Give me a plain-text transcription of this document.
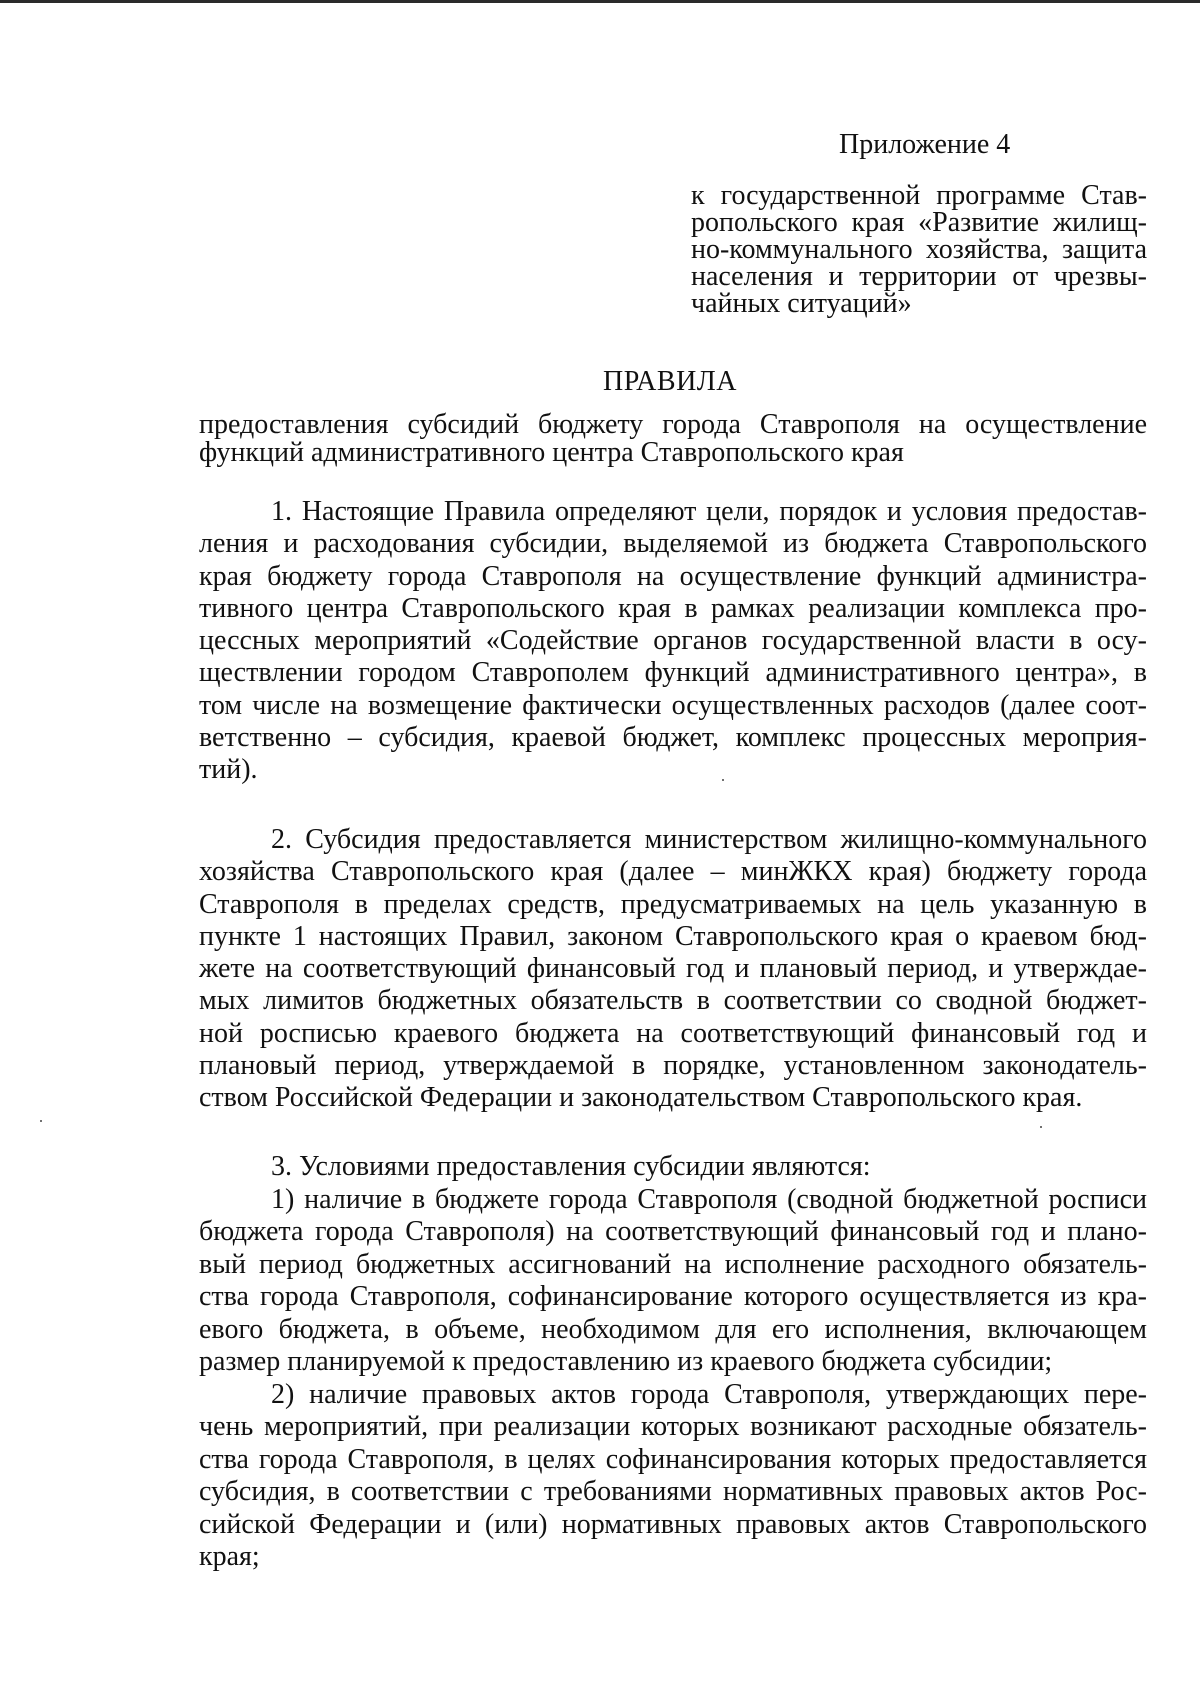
Приложение 4
к государственной программе Став-
ропольского края «Развитие жилищ-
но-коммунального хозяйства, защита
населения и территории от чрезвы-
чайных ситуаций»
ПРАВИЛА
предоставления субсидий бюджету города Ставрополя на осуществление
функций административного центра Ставропольского края
1. Настоящие Правила определяют цели, порядок и условия предостав-
ления и расходования субсидии, выделяемой из бюджета Ставропольского
края бюджету города Ставрополя на осуществление функций администра-
тивного центра Ставропольского края в рамках реализации комплекса про-
цессных мероприятий «Содействие органов государственной власти в осу-
ществлении городом Ставрополем функций административного центра», в
том числе на возмещение фактически осуществленных расходов (далее соот-
ветственно – субсидия, краевой бюджет, комплекс процессных мероприя-
тий).
2. Субсидия предоставляется министерством жилищно-коммунального
хозяйства Ставропольского края (далее – минЖКХ края) бюджету города
Ставрополя в пределах средств, предусматриваемых на цель указанную в
пункте 1 настоящих Правил, законом Ставропольского края о краевом бюд-
жете на соответствующий финансовый год и плановый период, и утверждае-
мых лимитов бюджетных обязательств в соответствии со сводной бюджет-
ной росписью краевого бюджета на соответствующий финансовый год и
плановый период, утверждаемой в порядке, установленном законодатель-
ством Российской Федерации и законодательством Ставропольского края.
3. Условиями предоставления субсидии являются:
1) наличие в бюджете города Ставрополя (сводной бюджетной росписи
бюджета города Ставрополя) на соответствующий финансовый год и плано-
вый период бюджетных ассигнований на исполнение расходного обязатель-
ства города Ставрополя, софинансирование которого осуществляется из кра-
евого бюджета, в объеме, необходимом для его исполнения, включающем
размер планируемой к предоставлению из краевого бюджета субсидии;
2) наличие правовых актов города Ставрополя, утверждающих пере-
чень мероприятий, при реализации которых возникают расходные обязатель-
ства города Ставрополя, в целях софинансирования которых предоставляется
субсидия, в соответствии с требованиями нормативных правовых актов Рос-
сийской Федерации и (или) нормативных правовых актов Ставропольского
края;
